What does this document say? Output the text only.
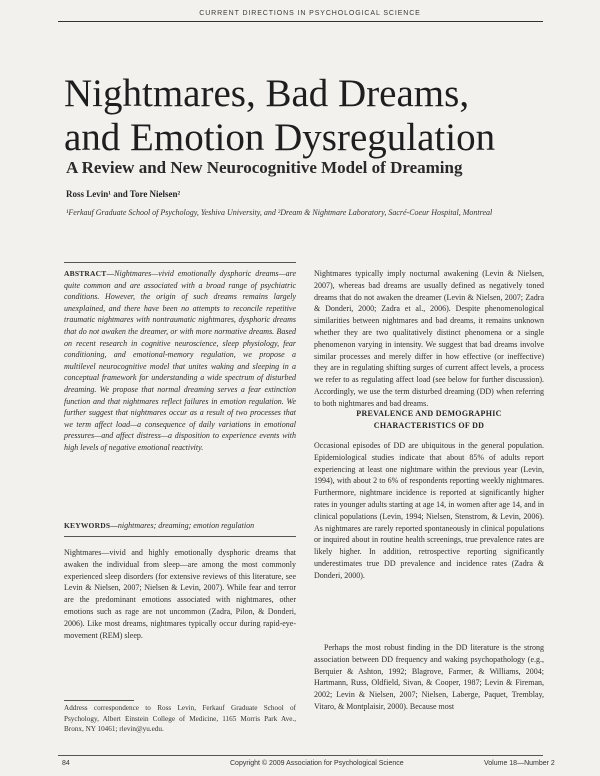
CURRENT DIRECTIONS IN PSYCHOLOGICAL SCIENCE
Nightmares, Bad Dreams, and Emotion Dysregulation
A Review and New Neurocognitive Model of Dreaming
Ross Levin¹ and Tore Nielsen²
¹Ferkauf Graduate School of Psychology, Yeshiva University, and ²Dream & Nightmare Laboratory, Sacré-Coeur Hospital, Montreal
ABSTRACT—Nightmares—vivid emotionally dysphoric dreams—are quite common and are associated with a broad range of psychiatric conditions. However, the origin of such dreams remains largely unexplained, and there have been no attempts to reconcile repetitive traumatic nightmares with nontraumatic nightmares, dysphoric dreams that do not awaken the dreamer, or with more normative dreams. Based on recent research in cognitive neuroscience, sleep physiology, fear conditioning, and emotional-memory regulation, we propose a multilevel neurocognitive model that unites waking and sleeping in a conceptual framework for understanding a wide spectrum of disturbed dreaming. We propose that normal dreaming serves a fear extinction function and that nightmares reflect failures in emotion regulation. We further suggest that nightmares occur as a result of two processes that we term affect load—a consequence of daily variations in emotional pressures—and affect distress—a disposition to experience events with high levels of negative emotional reactivity.
KEYWORDS—nightmares; dreaming; emotion regulation

Nightmares—vivid and highly emotionally dysphoric dreams that awaken the individual from sleep—are among the most commonly experienced sleep disorders (for extensive reviews of this literature, see Levin & Nielsen, 2007; Nielsen & Levin, 2007). While fear and terror are the predominant emotions associated with nightmares, other emotions such as rage are not uncommon (Zadra, Pilon, & Donderi, 2006). Like most dreams, nightmares typically occur during rapid-eye-movement (REM) sleep.

Address correspondence to Ross Levin, Ferkauf Graduate School of Psychology, Albert Einstein College of Medicine, 1165 Morris Park Ave., Bronx, NY 10461; rlevin@yu.edu.

Nightmares typically imply nocturnal awakening (Levin & Nielsen, 2007), whereas bad dreams are usually defined as negatively toned dreams that do not awaken the dreamer (Levin & Nielsen, 2007; Zadra & Donderi, 2000; Zadra et al., 2006). Despite phenomenological similarities between nightmares and bad dreams, it remains unknown whether they are two qualitatively distinct phenomena or a single phenomenon varying in intensity. We suggest that bad dreams involve similar processes and merely differ in how effective (or ineffective) they are in regulating shifting surges of current affect levels, a process we refer to as regulating affect load (see below for further discussion). Accordingly, we use the term disturbed dreaming (DD) when referring to both nightmares and bad dreams.

PREVALENCE AND DEMOGRAPHIC CHARACTERISTICS OF DD

Occasional episodes of DD are ubiquitous in the general population. Epidemiological studies indicate that about 85% of adults report experiencing at least one nightmare within the previous year (Levin, 1994), with about 2 to 6% of respondents reporting weekly nightmares. Furthermore, nightmare incidence is reported at significantly higher rates in younger adults starting at age 14, in women after age 14, and in clinical populations (Levin, 1994; Nielsen, Stenstrom, & Levin, 2006). As nightmares are rarely reported spontaneously in clinical populations or inquired about in routine health screenings, true prevalence rates are likely higher. In addition, retrospective reporting significantly underestimates true DD prevalence and incidence rates (Zadra & Donderi, 2000).

Perhaps the most robust finding in the DD literature is the strong association between DD frequency and waking psychopathology (e.g., Berquier & Ashton, 1992; Blagrove, Farmer, & Williams, 2004; Hartmann, Russ, Oldfield, Sivan, & Cooper, 1987; Levin & Fireman, 2002; Levin & Nielsen, 2007; Nielsen, Laberge, Paquet, Tremblay, Vitaro, & Montplaisir, 2000). Because most

84	Copyright © 2009 Association for Psychological Science	Volume 18—Number 2
